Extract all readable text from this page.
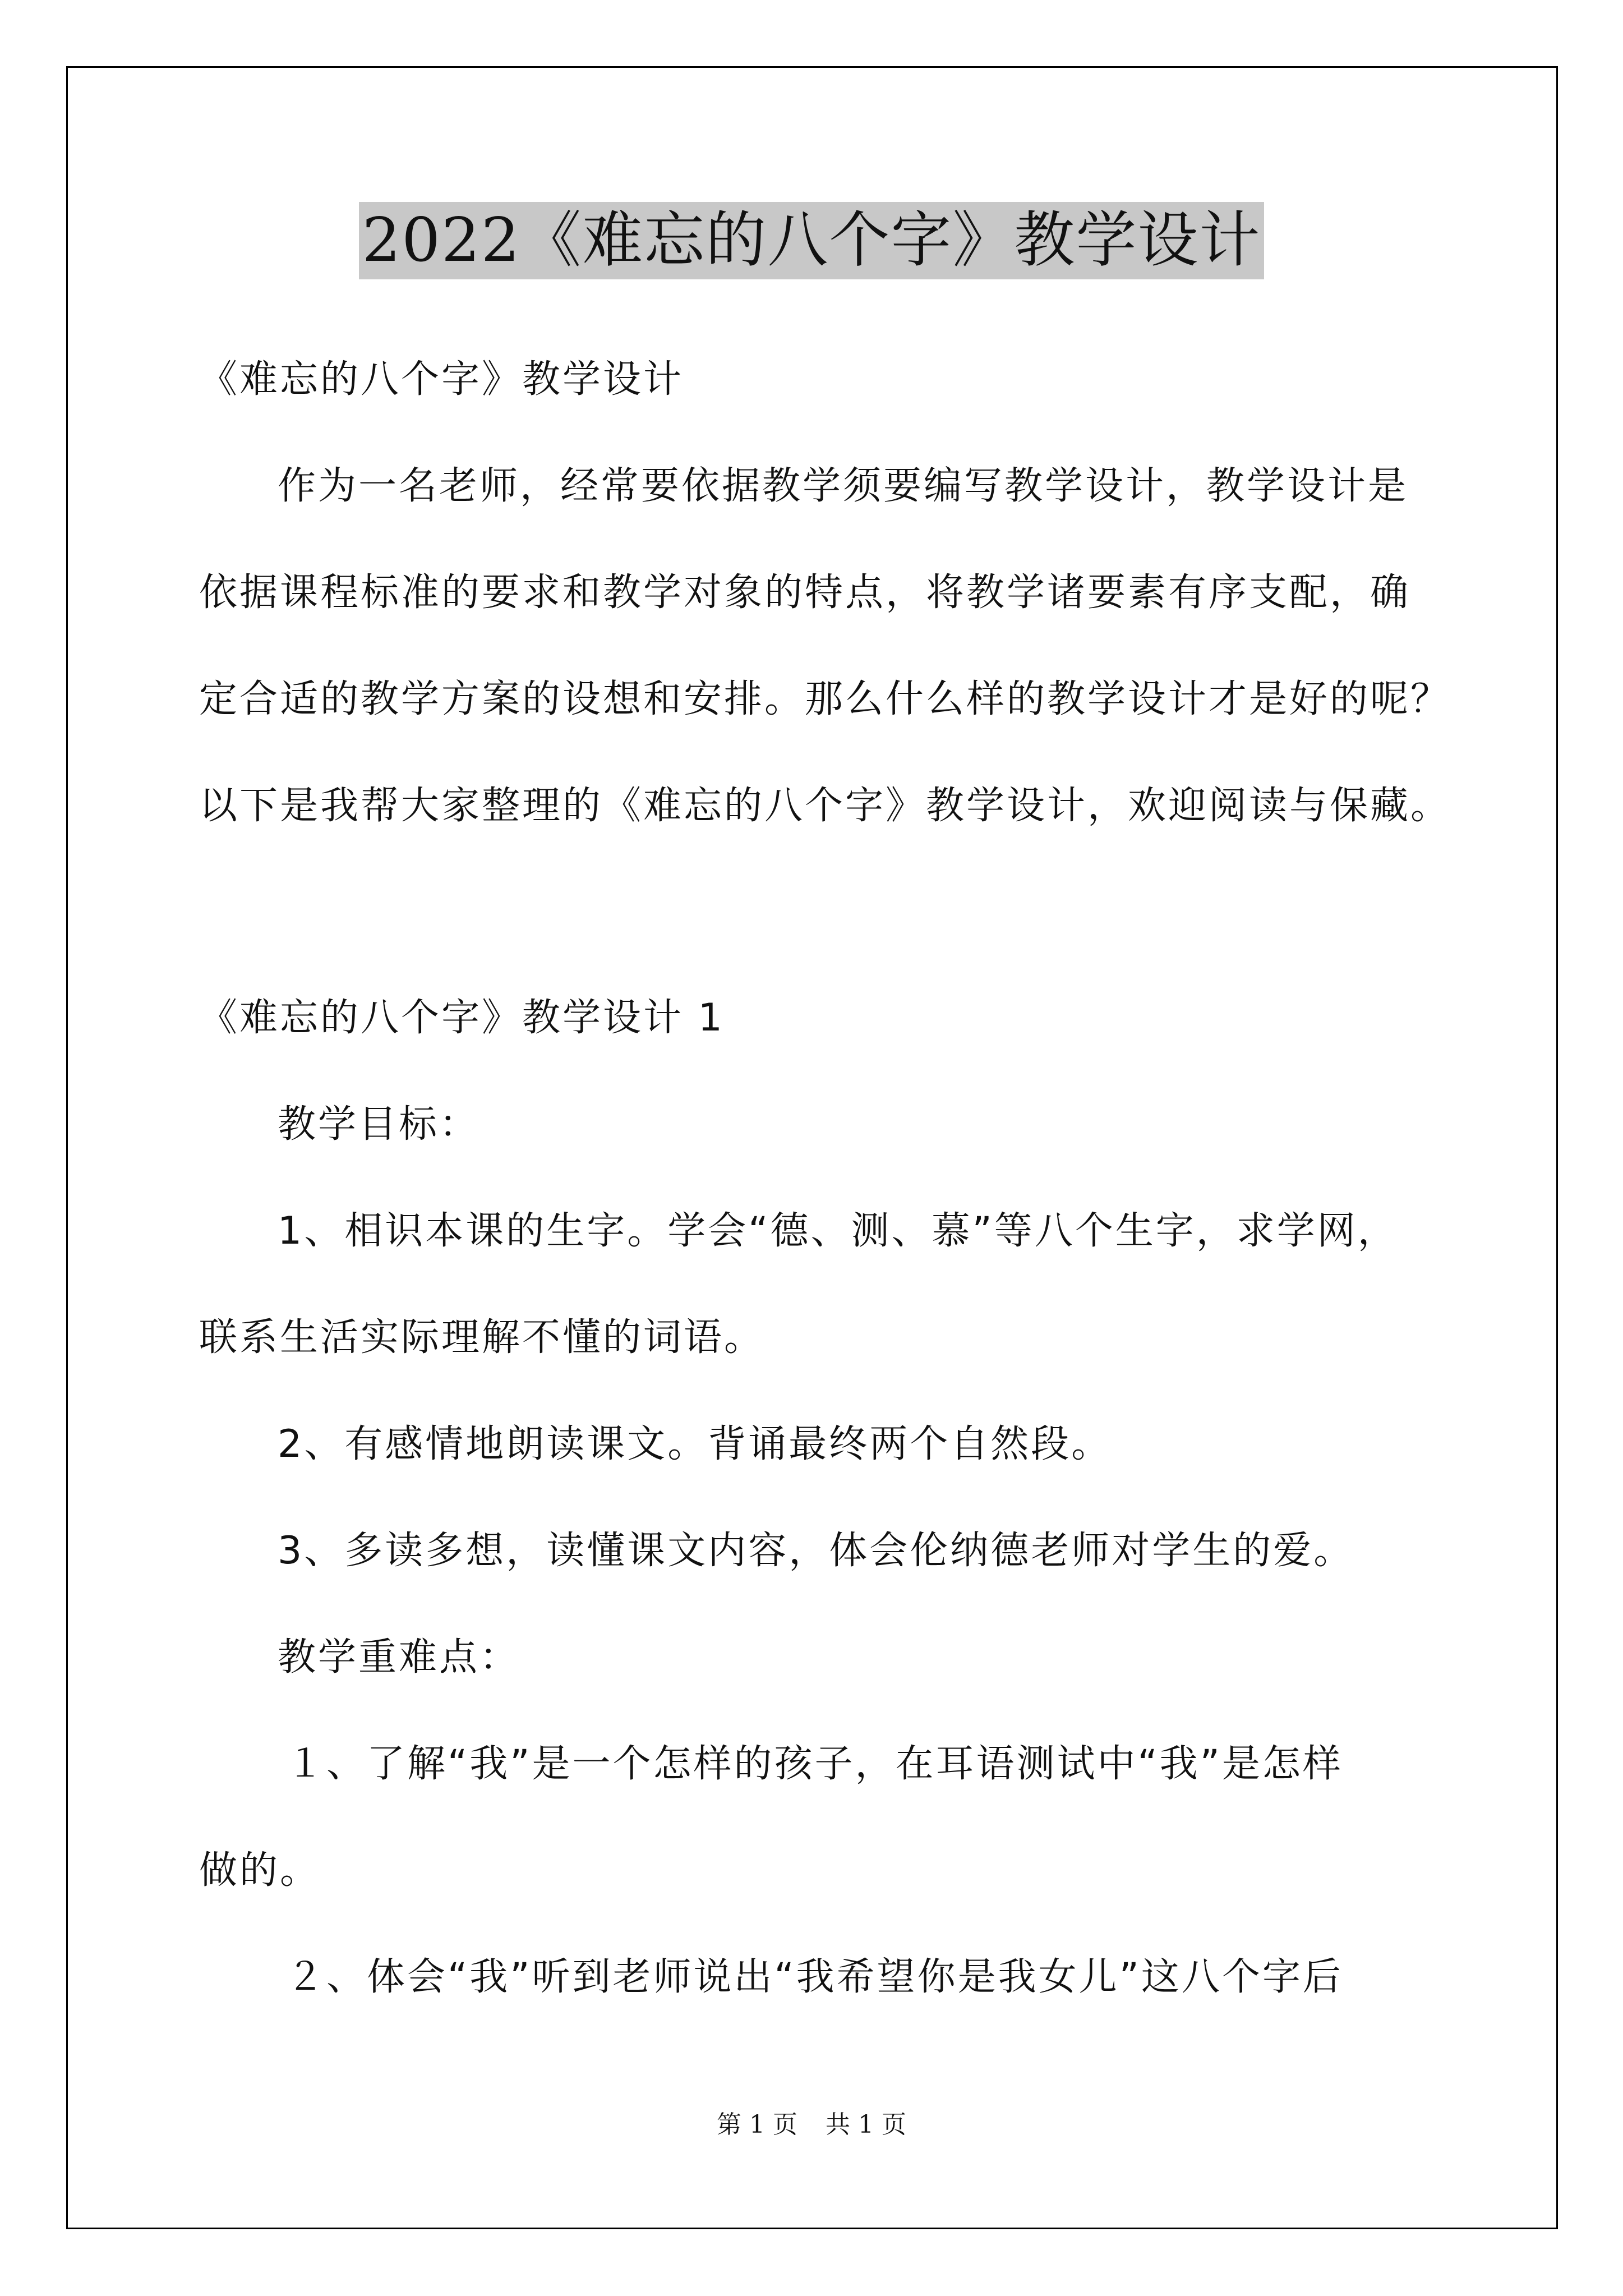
2022《难忘的八个字》教学设计
《难忘的八个字》教学设计
作为一名老师，经常要依据教学须要编写教学设计，教学设计是
依据课程标准的要求和教学对象的特点，将教学诸要素有序支配，确
定合适的教学方案的设想和安排。那么什么样的教学设计才是好的呢？
以下是我帮大家整理的《难忘的八个字》教学设计，欢迎阅读与保藏。
《难忘的八个字》教学设计 1
教学目标：
1、相识本课的生字。学会“德、测、慕”等八个生字，求学网，
联系生活实际理解不懂的词语。
2、有感情地朗读课文。背诵最终两个自然段。
3、多读多想，读懂课文内容，体会伦纳德老师对学生的爱。
教学重难点：
１、了解“我”是一个怎样的孩子，在耳语测试中“我”是怎样
做的。
２、体会“我”听到老师说出“我希望你是我女儿”这八个字后
第 1 页 共 1 页
